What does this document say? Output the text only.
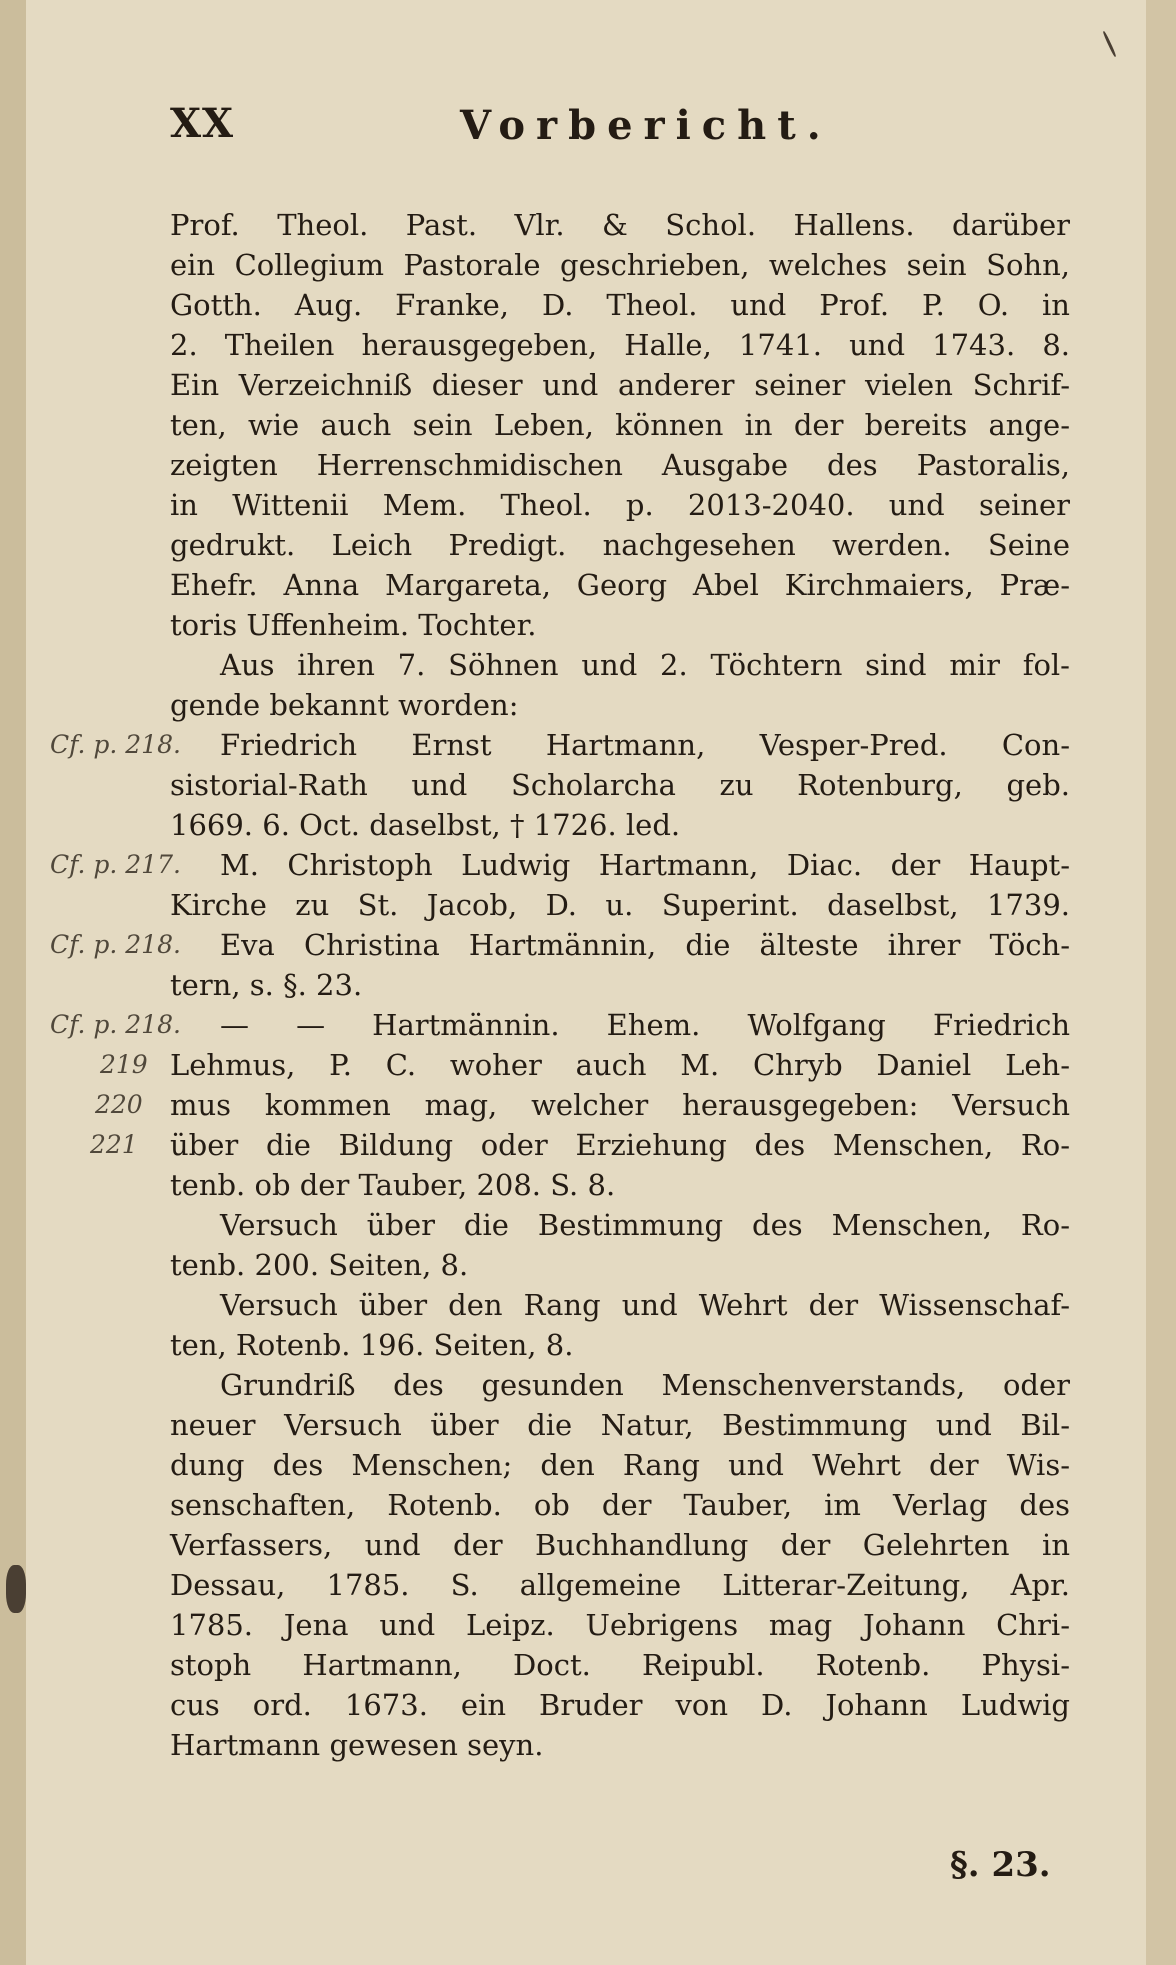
XX	Vorbericht.
Prof. Theol. Past. Vlr. & Schol. Hallens. darüber
ein Collegium Pastorale geschrieben, welches sein Sohn,
Gotth. Aug. Franke, D. Theol. und Prof. P. O. in
2. Theilen herausgegeben, Halle, 1741. und 1743. 8.
Ein Verzeichniß dieser und anderer seiner vielen Schrif-
ten, wie auch sein Leben, können in der bereits ange-
zeigten Herrenschmidischen Ausgabe des Pastoralis,
in Wittenii Mem. Theol. p. 2013-2040. und seiner
gedrukt. Leich Predigt. nachgesehen werden. Seine
Ehefr. Anna Margareta, Georg Abel Kirchmaiers, Præ-
toris Uffenheim. Tochter.
Aus ihren 7. Söhnen und 2. Töchtern sind mir fol-
gende bekannt worden:
Cf. p. 218. Friedrich Ernst Hartmann, Vesper-Pred. Con-
sistorial-Rath und Scholarcha zu Rotenburg, geb.
1669. 6. Oct. daselbst, † 1726. led.
Cf. p. 217. M. Christoph Ludwig Hartmann, Diac. der Haupt-
Kirche zu St. Jacob, D. u. Superint. daselbst, 1739.
Cf. p. 218. Eva Christina Hartmännin, die älteste ihrer Töch-
tern, s. §. 23.
Cf. p. 218. — — Hartmännin. Ehem. Wolfgang Friedrich
219 Lehmus, P. C. woher auch M. Chryb Daniel Leh-
220 mus kommen mag, welcher herausgegeben: Versuch
221 über die Bildung oder Erziehung des Menschen, Ro-
tenb. ob der Tauber, 208. S. 8.
Versuch über die Bestimmung des Menschen, Ro-
tenb. 200. Seiten, 8.
Versuch über den Rang und Wehrt der Wissenschaf-
ten, Rotenb. 196. Seiten, 8.
Grundriß des gesunden Menschenverstands, oder
neuer Versuch über die Natur, Bestimmung und Bil-
dung des Menschen; den Rang und Wehrt der Wis-
senschaften, Rotenb. ob der Tauber, im Verlag des
Verfassers, und der Buchhandlung der Gelehrten in
Dessau, 1785. S. allgemeine Litterar-Zeitung, Apr.
1785. Jena und Leipz. Uebrigens mag Johann Chri-
stoph Hartmann, Doct. Reipubl. Rotenb. Physi-
cus ord. 1673. ein Bruder von D. Johann Ludwig
Hartmann gewesen seyn.
§. 23.
